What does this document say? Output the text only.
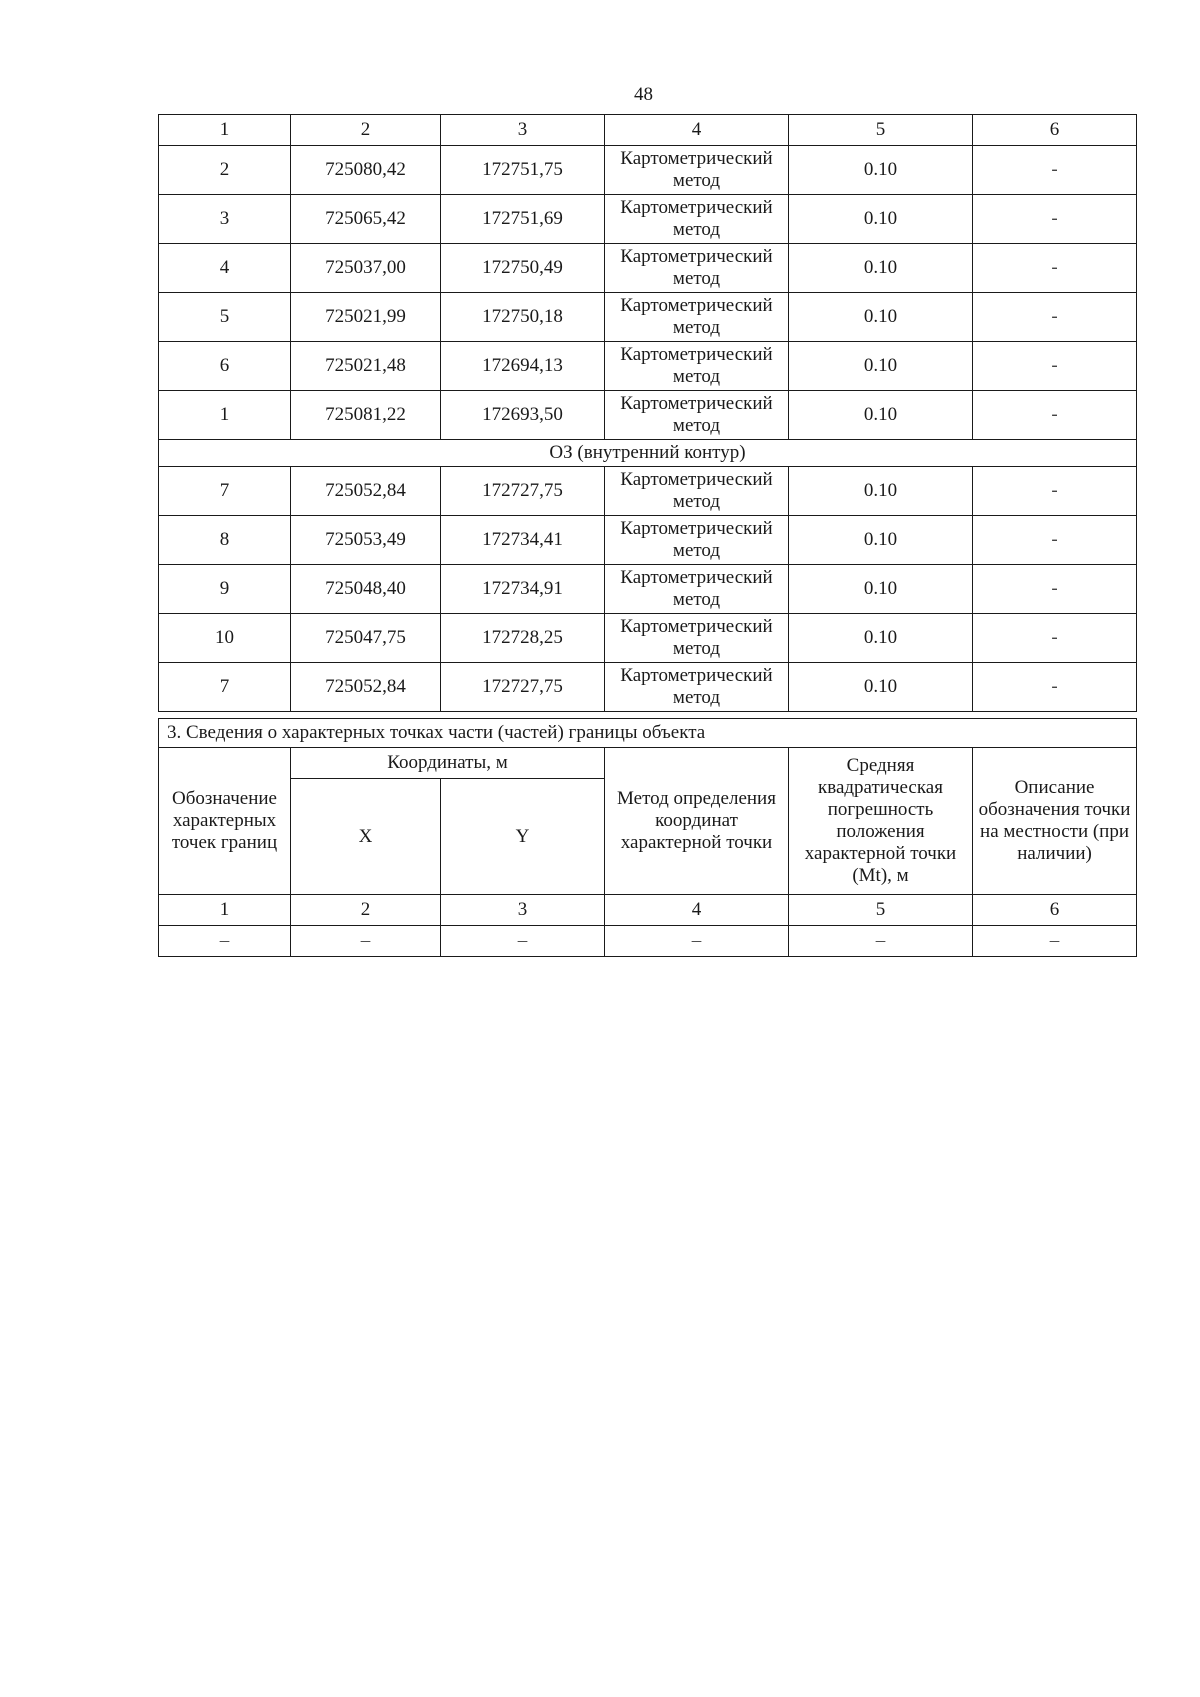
48
1	2	3	4	5	6
2	725080,42	172751,75	Картометрический метод	0.10	-
3	725065,42	172751,69	Картометрический метод	0.10	-
4	725037,00	172750,49	Картометрический метод	0.10	-
5	725021,99	172750,18	Картометрический метод	0.10	-
6	725021,48	172694,13	Картометрический метод	0.10	-
1	725081,22	172693,50	Картометрический метод	0.10	-
ОЗ (внутренний контур)					
7	725052,84	172727,75	Картометрический метод	0.10	-
8	725053,49	172734,41	Картометрический метод	0.10	-
9	725048,40	172734,91	Картометрический метод	0.10	-
10	725047,75	172728,25	Картометрический метод	0.10	-
7	725052,84	172727,75	Картометрический метод	0.10	-
3. Сведения о характерных точках части (частей) границы объекта					
Обозначение характерных точек границ	Координаты, м		Метод определения координат характерной точки	Средняя квадратическая погрешность положения характерной точки (Mt), м	Описание обозначения точки на местности (при наличии)
	X	Y			
1	2	3	4	5	6
–	–	–	–	–	–
